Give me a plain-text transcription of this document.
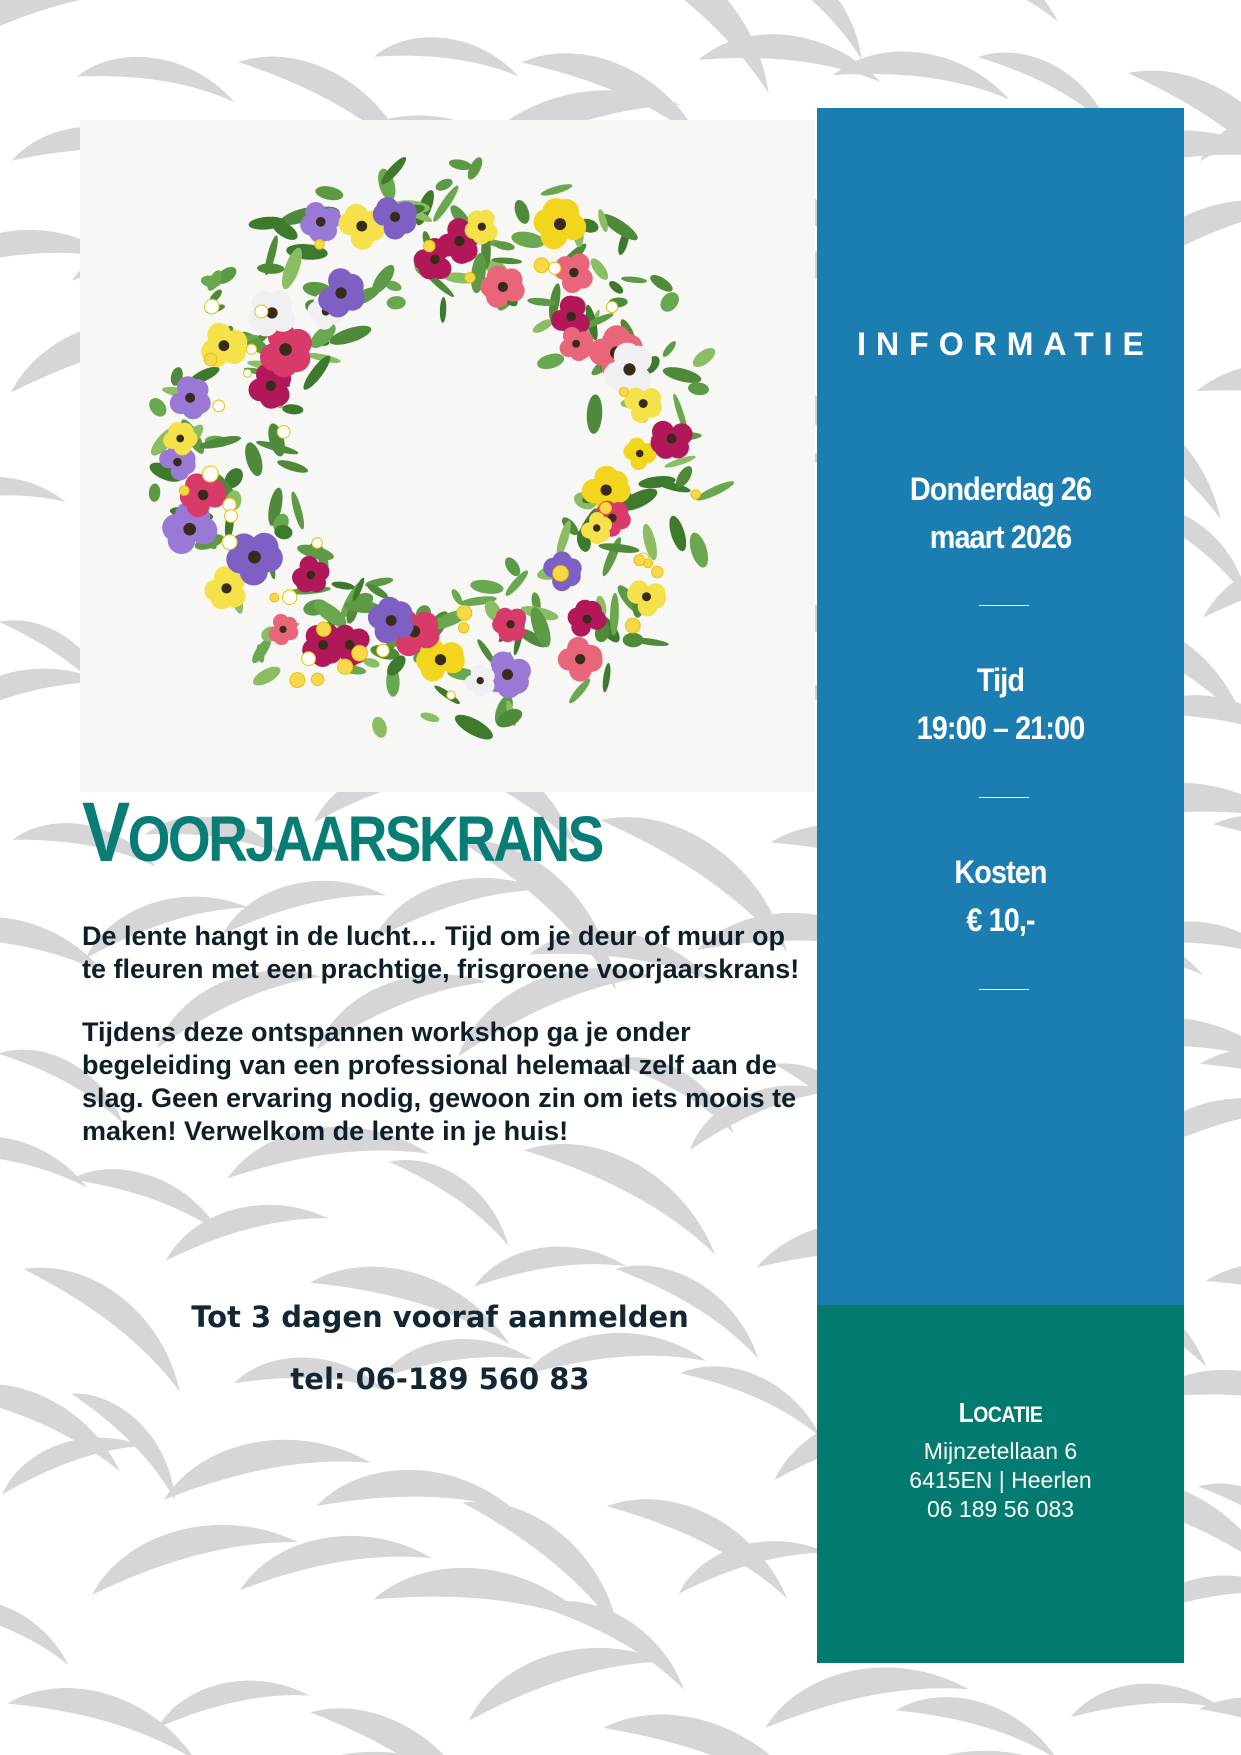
VOORJAARSKRANS

De lente hangt in de lucht… Tijd om je deur of muur op te fleuren met een prachtige, frisgroene voorjaarskrans!

Tijdens deze ontspannen workshop ga je onder begeleiding van een professional helemaal zelf aan de slag. Geen ervaring nodig, gewoon zin om iets moois te maken! Verwelkom de lente in je huis!

Tot 3 dagen vooraf aanmelden
tel: 06-189 560 83
INFORMATIE
Donderdag 26
maart 2026
Tijd
19:00 – 21:00
Kosten
€ 10,-
LOCATIE
Mijnzetellaan 6
6415EN | Heerlen
06 189 56 083
